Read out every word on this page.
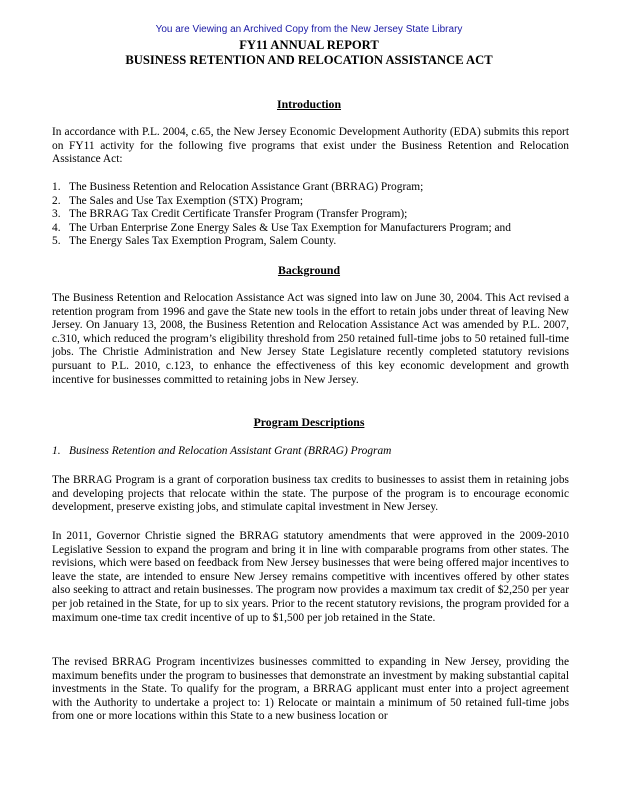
You are Viewing an Archived Copy from the New Jersey State Library
FY11 ANNUAL REPORT
BUSINESS RETENTION AND RELOCATION ASSISTANCE ACT
Introduction

In accordance with P.L. 2004, c.65, the New Jersey Economic Development Authority (EDA) submits this report on FY11 activity for the following five programs that exist under the Business Retention and Relocation Assistance Act:

1. The Business Retention and Relocation Assistance Grant (BRRAG) Program;
2. The Sales and Use Tax Exemption (STX) Program;
3. The BRRAG Tax Credit Certificate Transfer Program (Transfer Program);
4. The Urban Enterprise Zone Energy Sales & Use Tax Exemption for Manufacturers Program; and
5. The Energy Sales Tax Exemption Program, Salem County.
Background

The Business Retention and Relocation Assistance Act was signed into law on June 30, 2004. This Act revised a retention program from 1996 and gave the State new tools in the effort to retain jobs under threat of leaving New Jersey. On January 13, 2008, the Business Retention and Relocation Assistance Act was amended by P.L. 2007, c.310, which reduced the program’s eligibility threshold from 250 retained full-time jobs to 50 retained full-time jobs. The Christie Administration and New Jersey State Legislature recently completed statutory revisions pursuant to P.L. 2010, c.123, to enhance the effectiveness of this key economic development and growth incentive for businesses committed to retaining jobs in New Jersey.

Program Descriptions
1. Business Retention and Relocation Assistant Grant (BRRAG) Program

The BRRAG Program is a grant of corporation business tax credits to businesses to assist them in retaining jobs and developing projects that relocate within the state. The purpose of the program is to encourage economic development, preserve existing jobs, and stimulate capital investment in New Jersey.

In 2011, Governor Christie signed the BRRAG statutory amendments that were approved in the 2009-2010 Legislative Session to expand the program and bring it in line with comparable programs from other states. The revisions, which were based on feedback from New Jersey businesses that were being offered major incentives to leave the state, are intended to ensure New Jersey remains competitive with incentives offered by other states also seeking to attract and retain businesses. The program now provides a maximum tax credit of $2,250 per year per job retained in the State, for up to six years. Prior to the recent statutory revisions, the program provided for a maximum one-time tax credit incentive of up to $1,500 per job retained in the State.

The revised BRRAG Program incentivizes businesses committed to expanding in New Jersey, providing the maximum benefits under the program to businesses that demonstrate an investment by making substantial capital investments in the State. To qualify for the program, a BRRAG applicant must enter into a project agreement with the Authority to undertake a project to: 1) Relocate or maintain a minimum of 50 retained full-time jobs from one or more locations within this State to a new business location or
